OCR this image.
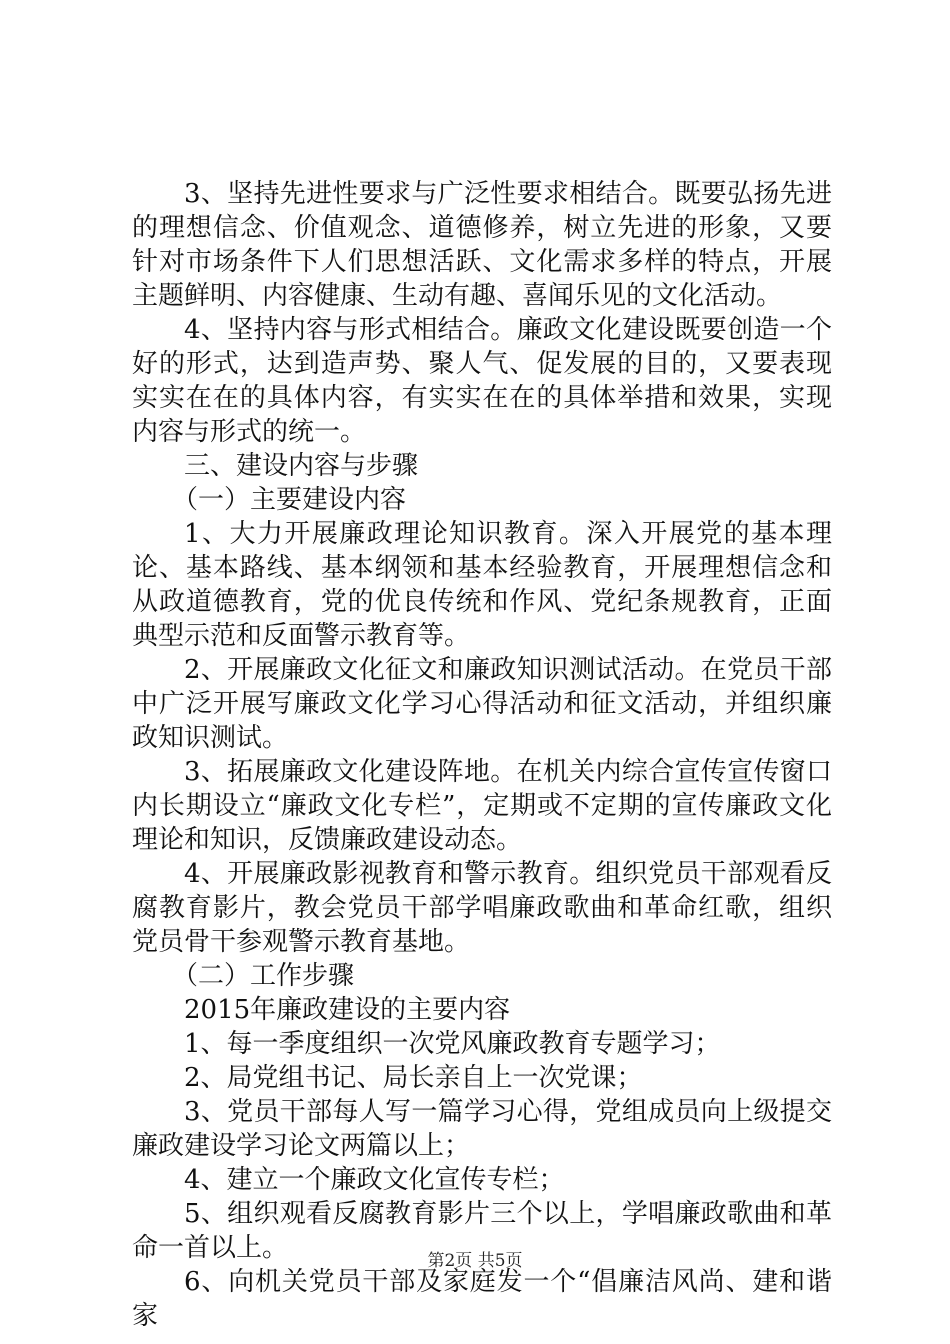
3、坚持先进性要求与广泛性要求相结合。既要弘扬先进的理想信念、价值观念、道德修养，树立先进的形象，又要针对市场条件下人们思想活跃、文化需求多样的特点，开展主题鲜明、内容健康、生动有趣、喜闻乐见的文化活动。

4、坚持内容与形式相结合。廉政文化建设既要创造一个好的形式，达到造声势、聚人气、促发展的目的，又要表现实实在在的具体内容，有实实在在的具体举措和效果，实现内容与形式的统一。

三、建设内容与步骤

（一）主要建设内容

1、大力开展廉政理论知识教育。深入开展党的基本理论、基本路线、基本纲领和基本经验教育，开展理想信念和从政道德教育，党的优良传统和作风、党纪条规教育，正面典型示范和反面警示教育等。

2、开展廉政文化征文和廉政知识测试活动。在党员干部中广泛开展写廉政文化学习心得活动和征文活动，并组织廉政知识测试。

3、拓展廉政文化建设阵地。在机关内综合宣传宣传窗口内长期设立“廉政文化专栏”，定期或不定期的宣传廉政文化理论和知识，反馈廉政建设动态。

4、开展廉政影视教育和警示教育。组织党员干部观看反腐教育影片，教会党员干部学唱廉政歌曲和革命红歌，组织党员骨干参观警示教育基地。

（二）工作步骤

2015年廉政建设的主要内容

1、每一季度组织一次党风廉政教育专题学习；

2、局党组书记、局长亲自上一次党课；

3、党员干部每人写一篇学习心得，党组成员向上级提交廉政建设学习论文两篇以上；

4、建立一个廉政文化宣传专栏；

5、组织观看反腐教育影片三个以上，学唱廉政歌曲和革命一首以上。

6、向机关党员干部及家庭发一个“倡廉洁风尚、建和谐家

第2页 共5页
